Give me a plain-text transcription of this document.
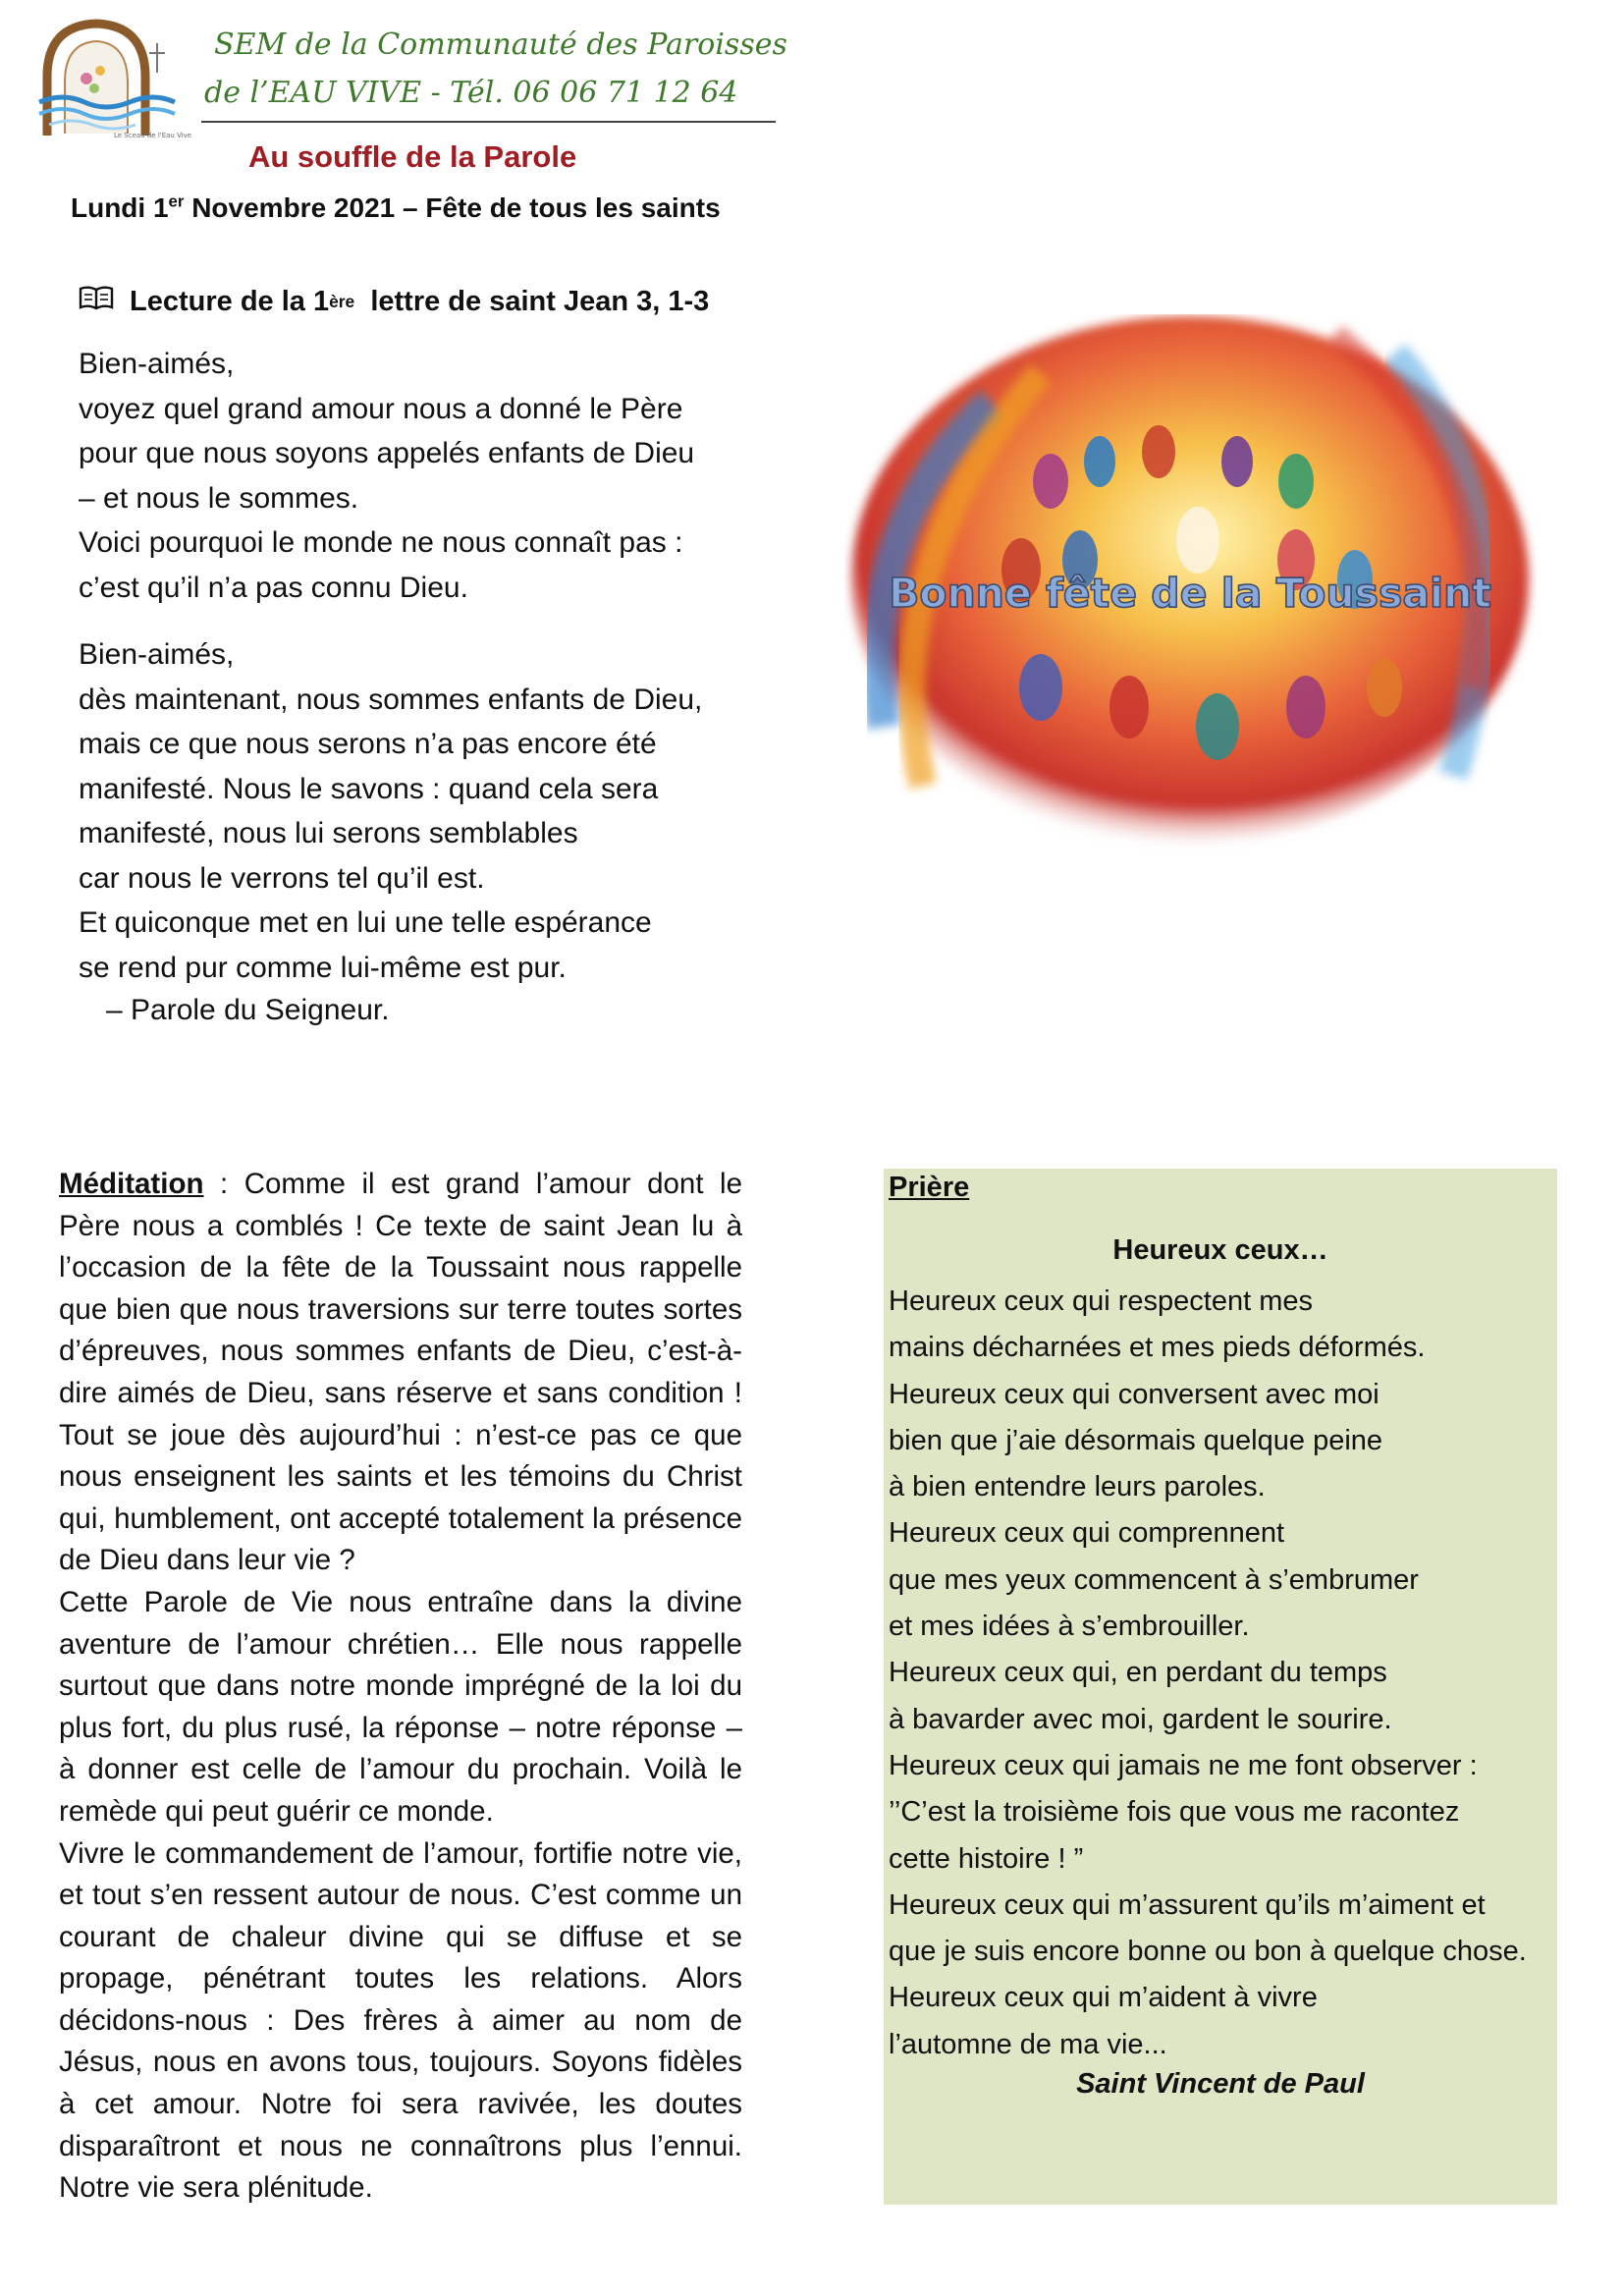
Le Sceau de l'Eau Vive
SEM de la Communauté des Paroisses
de l’EAU VIVE - Tél. 06 06 71 12 64
Au souffle de la Parole
Lundi 1er Novembre 2021 – Fête de tous les saints
Lecture de la 1 ère lettre de saint Jean 3, 1-3
Bien-aimés,
voyez quel grand amour nous a donné le Père
pour que nous soyons appelés enfants de Dieu
– et nous le sommes.
Voici pourquoi le monde ne nous connaît pas :
c’est qu’il n’a pas connu Dieu.
Bien-aimés,
dès maintenant, nous sommes enfants de Dieu,
mais ce que nous serons n’a pas encore été
manifesté. Nous le savons : quand cela sera
manifesté, nous lui serons semblables
car nous le verrons tel qu’il est.
Et quiconque met en lui une telle espérance
se rend pur comme lui-même est pur.
– Parole du Seigneur.
Bonne fête de la Toussaint
Méditation : Comme il est grand l’amour dont le Père nous a comblés ! Ce texte de saint Jean lu à l’occasion de la fête de la Toussaint nous rappelle que bien que nous traversions sur terre toutes sortes d’épreuves, nous sommes enfants de Dieu, c’est-à-dire aimés de Dieu, sans réserve et sans condition ! Tout se joue dès aujourd’hui : n’est-ce pas ce que nous enseignent les saints et les témoins du Christ qui, humblement, ont accepté totalement la présence de Dieu dans leur vie ?
Cette Parole de Vie nous entraîne dans la divine aventure de l’amour chrétien… Elle nous rappelle surtout que dans notre monde imprégné de la loi du plus fort, du plus rusé, la réponse – notre réponse – à donner est celle de l’amour du prochain. Voilà le remède qui peut guérir ce monde.
Vivre le commandement de l’amour, fortifie notre vie, et tout s’en ressent autour de nous. C’est comme un courant de chaleur divine qui se diffuse et se propage, pénétrant toutes les relations. Alors décidons-nous : Des frères à aimer au nom de Jésus, nous en avons tous, toujours. Soyons fidèles à cet amour. Notre foi sera ravivée, les doutes disparaîtront et nous ne connaîtrons plus l’ennui. Notre vie sera plénitude.
Prière
Heureux ceux…
Heureux ceux qui respectent mes
mains décharnées et mes pieds déformés.
Heureux ceux qui conversent avec moi
bien que j’aie désormais quelque peine
à bien entendre leurs paroles.
Heureux ceux qui comprennent
que mes yeux commencent à s’embrumer
et mes idées à s’embrouiller.
Heureux ceux qui, en perdant du temps
à bavarder avec moi, gardent le sourire.
Heureux ceux qui jamais ne me font observer :
’’C’est la troisième fois que vous me racontez
cette histoire ! ”
Heureux ceux qui m’assurent qu’ils m’aiment et
que je suis encore bonne ou bon à quelque chose.
Heureux ceux qui m’aident à vivre
l’automne de ma vie...
Saint Vincent de Paul
